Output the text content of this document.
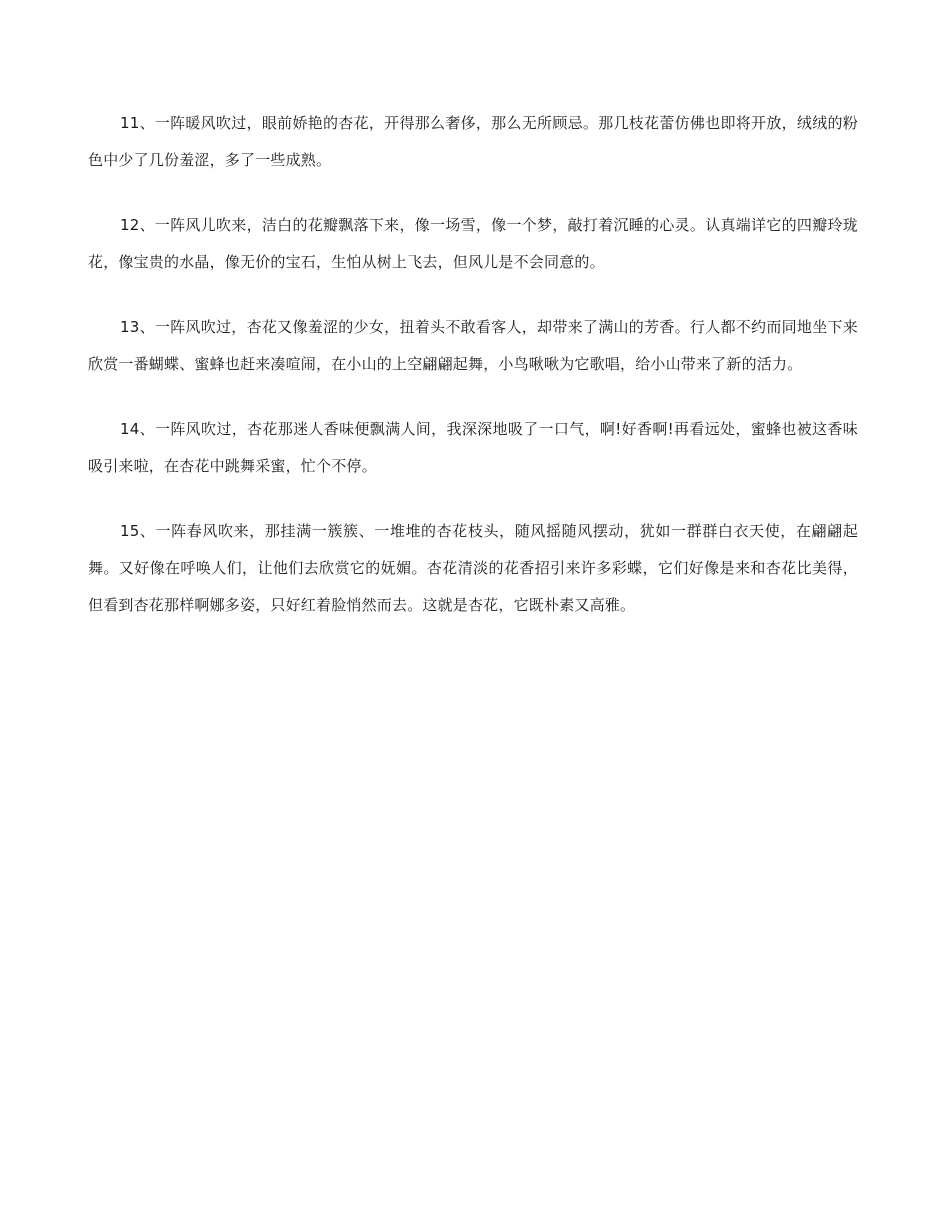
11、一阵暖风吹过，眼前娇艳的杏花，开得那么奢侈，那么无所顾忌。那几枝花蕾仿佛也即将开放，绒绒的粉色中少了几份羞涩，多了一些成熟。

12、一阵风儿吹来，洁白的花瓣飘落下来，像一场雪，像一个梦，敲打着沉睡的心灵。认真端详它的四瓣玲珑花，像宝贵的水晶，像无价的宝石，生怕从树上飞去，但风儿是不会同意的。

13、一阵风吹过，杏花又像羞涩的少女，扭着头不敢看客人，却带来了满山的芳香。行人都不约而同地坐下来欣赏一番蝴蝶、蜜蜂也赶来凑喧闹，在小山的上空翩翩起舞，小鸟啾啾为它歌唱，给小山带来了新的活力。

14、一阵风吹过，杏花那迷人香味便飘满人间，我深深地吸了一口气，啊!好香啊!再看远处，蜜蜂也被这香味吸引来啦，在杏花中跳舞采蜜，忙个不停。

15、一阵春风吹来，那挂满一簇簇、一堆堆的杏花枝头，随风摇随风摆动，犹如一群群白衣天使，在翩翩起舞。又好像在呼唤人们，让他们去欣赏它的妩媚。杏花清淡的花香招引来许多彩蝶，它们好像是来和杏花比美得，但看到杏花那样啊娜多姿，只好红着脸悄然而去。这就是杏花，它既朴素又高雅。
